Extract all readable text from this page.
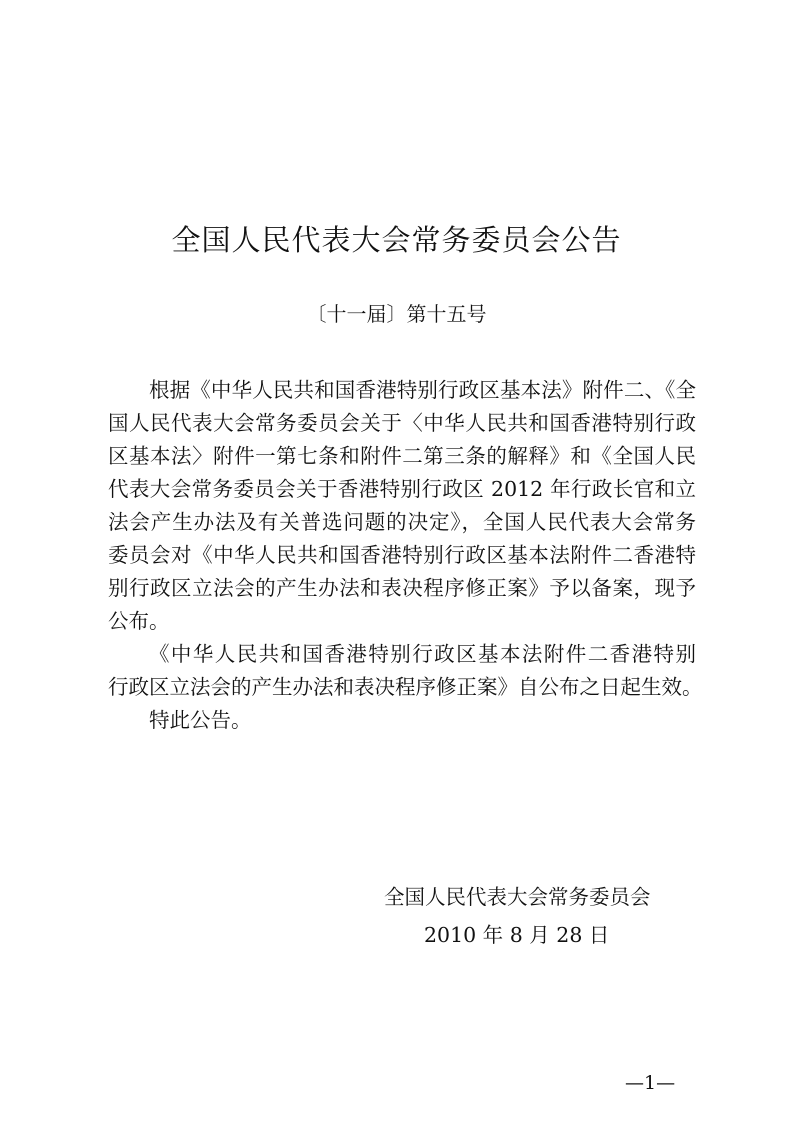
全国人民代表大会常务委员会公告
〔十一届〕第十五号
根据《中华人民共和国香港特别行政区基本法》附件二、《全
国人民代表大会常务委员会关于〈中华人民共和国香港特别行政
区基本法〉附件一第七条和附件二第三条的解释》和《全国人民
代表大会常务委员会关于香港特别行政区 2012 年行政长官和立
法会产生办法及有关普选问题的决定》，全国人民代表大会常务
委员会对《中华人民共和国香港特别行政区基本法附件二香港特
别行政区立法会的产生办法和表决程序修正案》予以备案，现予
公布。
《中华人民共和国香港特别行政区基本法附件二香港特别
行政区立法会的产生办法和表决程序修正案》自公布之日起生效。
特此公告。
全国人民代表大会常务委员会
2010 年 8 月 28 日
—1—
